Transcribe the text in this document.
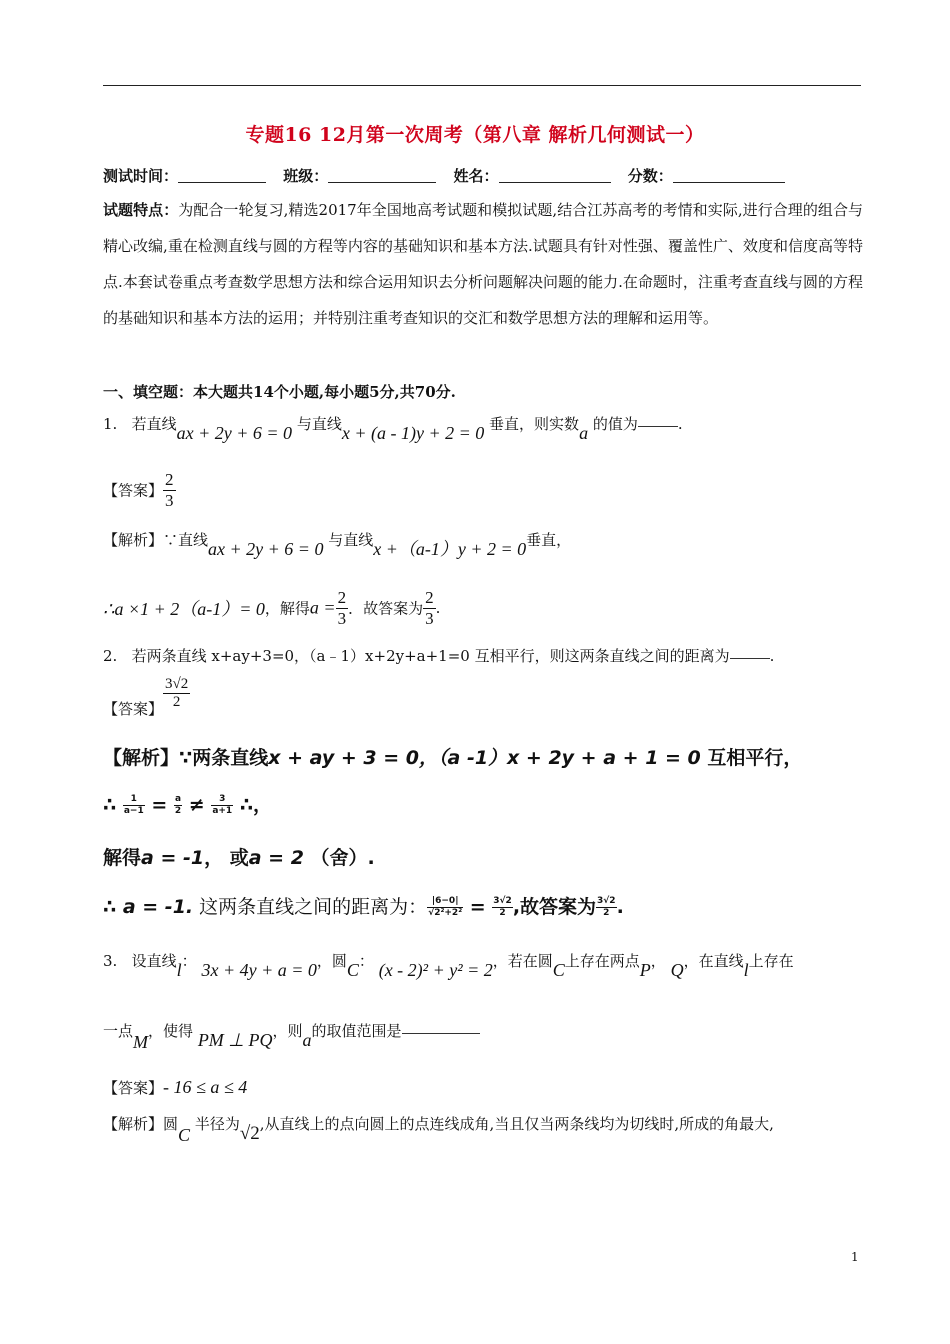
专题16 12月第一次周考（第八章 解析几何测试一）
测试时间：	班级：	姓名：	分数：
试题特点：为配合一轮复习,精选2017年全国地高考试题和模拟试题,结合江苏高考的考情和实际,进行合理的组合与精心改编,重在检测直线与圆的方程等内容的基础知识和基本方法.试题具有针对性强、覆盖性广、效度和信度高等特点.本套试卷重点考查数学思想方法和综合运用知识去分析问题解决问题的能力.在命题时，注重考查直线与圆的方程的基础知识和基本方法的运用；并特别注重考查知识的交汇和数学思想方法的理解和运用等。
一、填空题：本大题共14个小题,每小题5分,共70分.
1. 若直线ax + 2y + 6 = 0 与直线x + (a - 1)y + 2 = 0 垂直，则实数a 的值为	.
【答案】 $\frac{2}{3}$
【解析】∵直线ax + 2y + 6 = 0 与直线x +（a-1）y + 2 = 0垂直，
∴a ×1 + 2（a-1）= 0，解得$a = \frac{2}{3}$ ．故答案为 $\frac{2}{3}$ .
2. 若两条直线 x+ay+3=0，（a﹣1）x+2y+a+1=0 互相平行，则这两条直线之间的距离为	.
【答案】 $\frac{3√2}{2}$
【解析】∵两条直线x + ay + 3 = 0，（a -1）x + 2y + a + 1 = 0 互相平行，
∴ $\frac{1}{a-1} = \frac{a}{2} \ne \frac{3}{a+1}$ ∴，
解得a = -1， 或a = 2 （舍）.
∴ a = -1. 这两条直线之间的距离为： $\frac{|6-0|}{\text{√2²+2²}} = \frac{3√2}{2}$ ,故答案为 $\frac{3√2}{2}$ .
3. 设直线l： 3x + 4y + a = 0，圆C： (x - 2)² + y² = 2，若在圆C上存在两点P， Q，在直线l上存在
一点M，使得 PM ⊥ PQ，则a的取值范围是
【答案】- 16 ≤ a ≤ 4
【解析】圆C 半径为√2,从直线上的点向圆上的点连线成角,当且仅当两条线均为切线时,所成的角最大,
1
